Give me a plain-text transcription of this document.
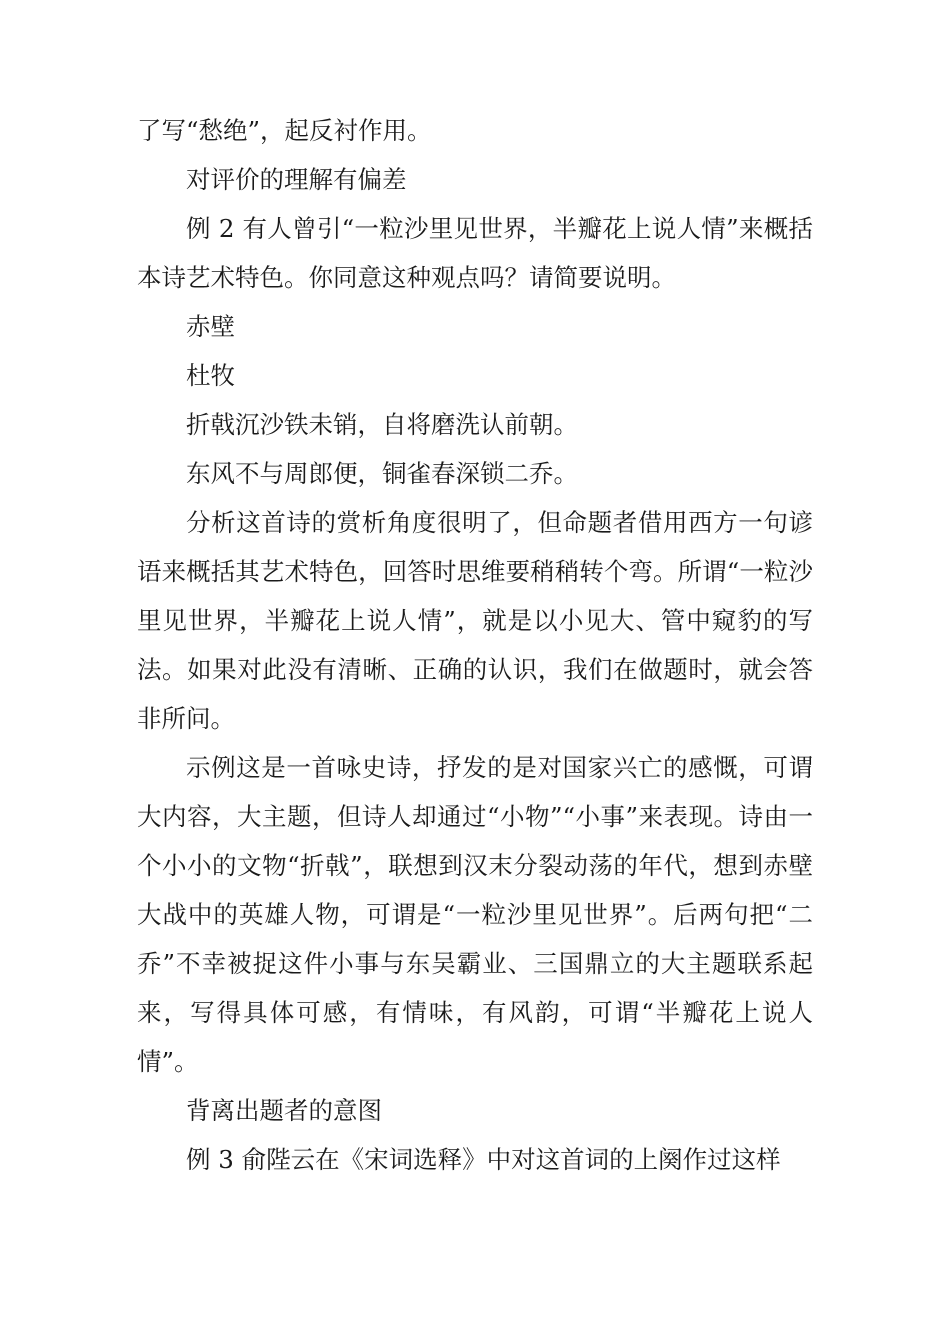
了写“愁绝”，起反衬作用。

对评价的理解有偏差

例 2 有人曾引“一粒沙里见世界，半瓣花上说人情”来概括本诗艺术特色。你同意这种观点吗？请简要说明。

赤壁

杜牧

折戟沉沙铁未销，自将磨洗认前朝。

东风不与周郎便，铜雀春深锁二乔。

分析这首诗的赏析角度很明了，但命题者借用西方一句谚语来概括其艺术特色，回答时思维要稍稍转个弯。所谓“一粒沙里见世界，半瓣花上说人情”，就是以小见大、管中窥豹的写法。如果对此没有清晰、正确的认识，我们在做题时，就会答非所问。

示例这是一首咏史诗，抒发的是对国家兴亡的感慨，可谓大内容，大主题，但诗人却通过“小物”“小事”来表现。诗由一个小小的文物“折戟”，联想到汉末分裂动荡的年代，想到赤壁大战中的英雄人物，可谓是“一粒沙里见世界”。后两句把“二乔”不幸被捉这件小事与东吴霸业、三国鼎立的大主题联系起来，写得具体可感，有情味，有风韵，可谓“半瓣花上说人情”。

背离出题者的意图

例 3 俞陛云在《宋词选释》中对这首词的上阕作过这样
